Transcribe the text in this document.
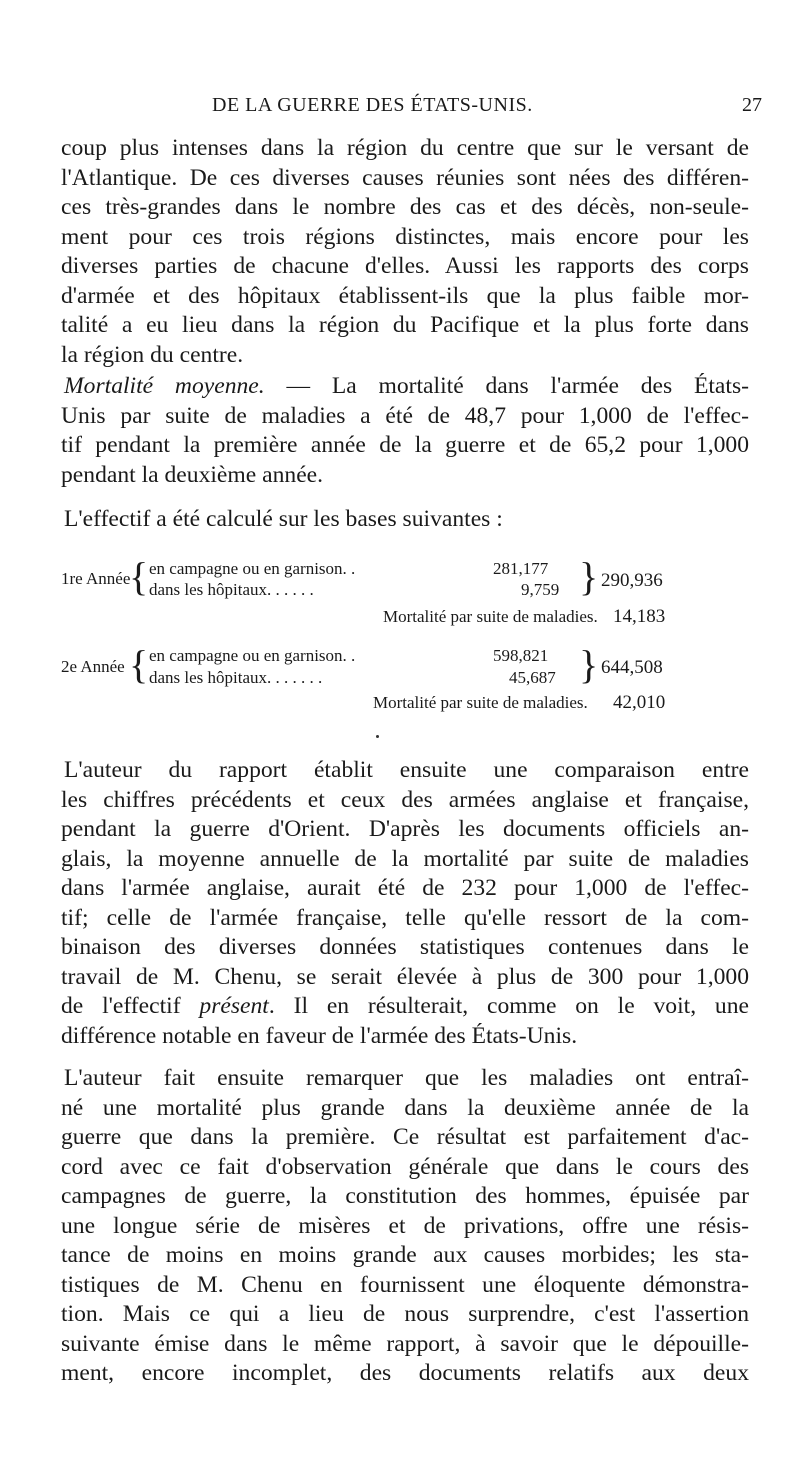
DE LA GUERRE DES ÉTATS-UNIS.	27
coup plus intenses dans la région du centre que sur le versant de
l'Atlantique. De ces diverses causes réunies sont nées des différen-
ces très-grandes dans le nombre des cas et des décès, non-seule-
ment pour ces trois régions distinctes, mais encore pour les
diverses parties de chacune d'elles. Aussi les rapports des corps
d'armée et des hôpitaux établissent-ils que la plus faible mor-
talité a eu lieu dans la région du Pacifique et la plus forte dans
la région du centre.
Mortalité moyenne. — La mortalité dans l'armée des États-
Unis par suite de maladies a été de 48,7 pour 1,000 de l'effec-
tif pendant la première année de la guerre et de 65,2 pour 1,000
pendant la deuxième année.
L'effectif a été calculé sur les bases suivantes :
1re Année
{ en campagne ou en garnison. .	281,177
dans les hôpitaux. . . . . .	9,759 } 290,936
Mortalité par suite de maladies. 14,183
2e Année { en campagne ou en garnison. .	598,821
dans les hôpitaux. . . . . . .	45,687 } 644,508
Mortalité par suite de maladies. 42,010
L'auteur du rapport établit ensuite une comparaison entre
les chiffres précédents et ceux des armées anglaise et française,
pendant la guerre d'Orient. D'après les documents officiels an-
glais, la moyenne annuelle de la mortalité par suite de maladies
dans l'armée anglaise, aurait été de 232 pour 1,000 de l'effec-
tif; celle de l'armée française, telle qu'elle ressort de la com-
binaison des diverses données statistiques contenues dans le
travail de M. Chenu, se serait élevée à plus de 300 pour 1,000
de l'effectif présent. Il en résulterait, comme on le voit, une
différence notable en faveur de l'armée des États-Unis.
L'auteur fait ensuite remarquer que les maladies ont entraî-
né une mortalité plus grande dans la deuxième année de la
guerre que dans la première. Ce résultat est parfaitement d'ac-
cord avec ce fait d'observation générale que dans le cours des
campagnes de guerre, la constitution des hommes, épuisée par
une longue série de misères et de privations, offre une résis-
tance de moins en moins grande aux causes morbides; les sta-
tistiques de M. Chenu en fournissent une éloquente démonstra-
tion. Mais ce qui a lieu de nous surprendre, c'est l'assertion
suivante émise dans le même rapport, à savoir que le dépouille-
ment, encore incomplet, des documents relatifs aux deux
